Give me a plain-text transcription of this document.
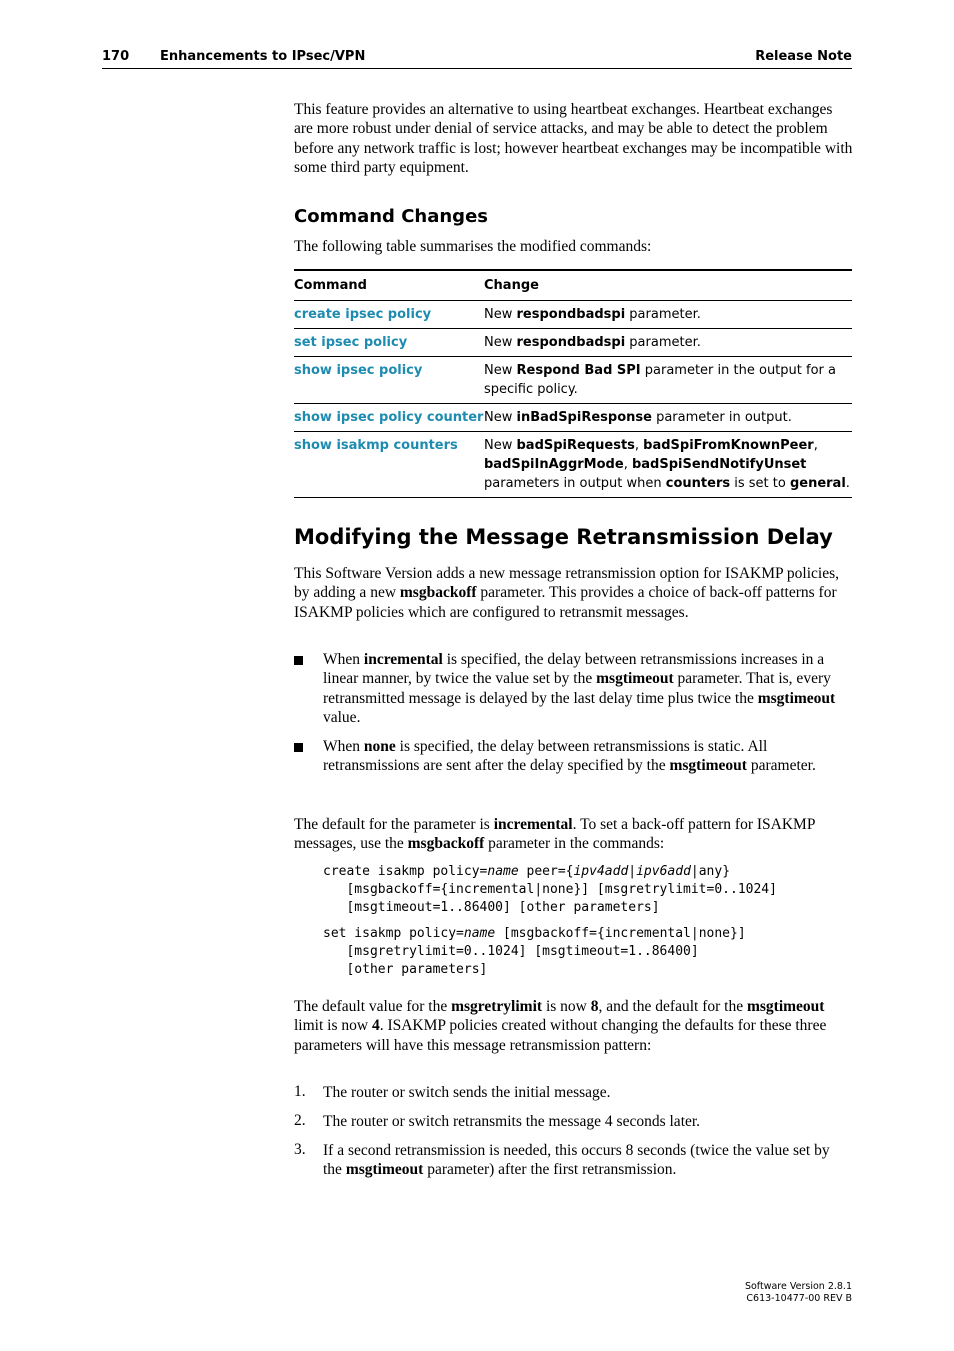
170 Enhancements to IPsec/VPN	Release Note

This feature provides an alternative to using heartbeat exchanges. Heartbeat exchanges are more robust under denial of service attacks, and may be able to detect the problem before any network traffic is lost; however heartbeat exchanges may be incompatible with some third party equipment.

Command Changes

The following table summarises the modified commands:

Command	Change
create ipsec policy	New respondbadspi parameter.
set ipsec policy	New respondbadspi parameter.
show ipsec policy	New Respond Bad SPI parameter in the output for a specific policy.
show ipsec policy counter	New inBadSpiResponse parameter in output.
show isakmp counters	New badSpiRequests, badSpiFromKnownPeer, badSpiInAggrMode, badSpiSendNotifyUnset parameters in output when counters is set to general.
Modifying the Message Retransmission Delay

This Software Version adds a new message retransmission option for ISAKMP policies, by adding a new msgbackoff parameter. This provides a choice of back-off patterns for ISAKMP policies which are configured to retransmit messages.

When incremental is specified, the delay between retransmissions increases in a linear manner, by twice the value set by the msgtimeout parameter. That is, every retransmitted message is delayed by the last delay time plus twice the msgtimeout value.

When none is specified, the delay between retransmissions is static. All retransmissions are sent after the delay specified by the msgtimeout parameter.

The default for the parameter is incremental. To set a back-off pattern for ISAKMP messages, use the msgbackoff parameter in the commands:

create isakmp policy=name peer={ipv4add|ipv6add|any}
[msgbackoff={incremental|none}] [msgretrylimit=0..1024]
[msgtimeout=1..86400] [other parameters]
set isakmp policy=name [msgbackoff={incremental|none}]
[msgretrylimit=0..1024] [msgtimeout=1..86400]
[other parameters]

The default value for the msgretrylimit is now 8, and the default for the msgtimeout limit is now 4. ISAKMP policies created without changing the defaults for these three parameters will have this message retransmission pattern:

1. The router or switch sends the initial message.

2. The router or switch retransmits the message 4 seconds later.

3. If a second retransmission is needed, this occurs 8 seconds (twice the value set by the msgtimeout parameter) after the first retransmission.

Software Version 2.8.1
C613-10477-00 REV B
